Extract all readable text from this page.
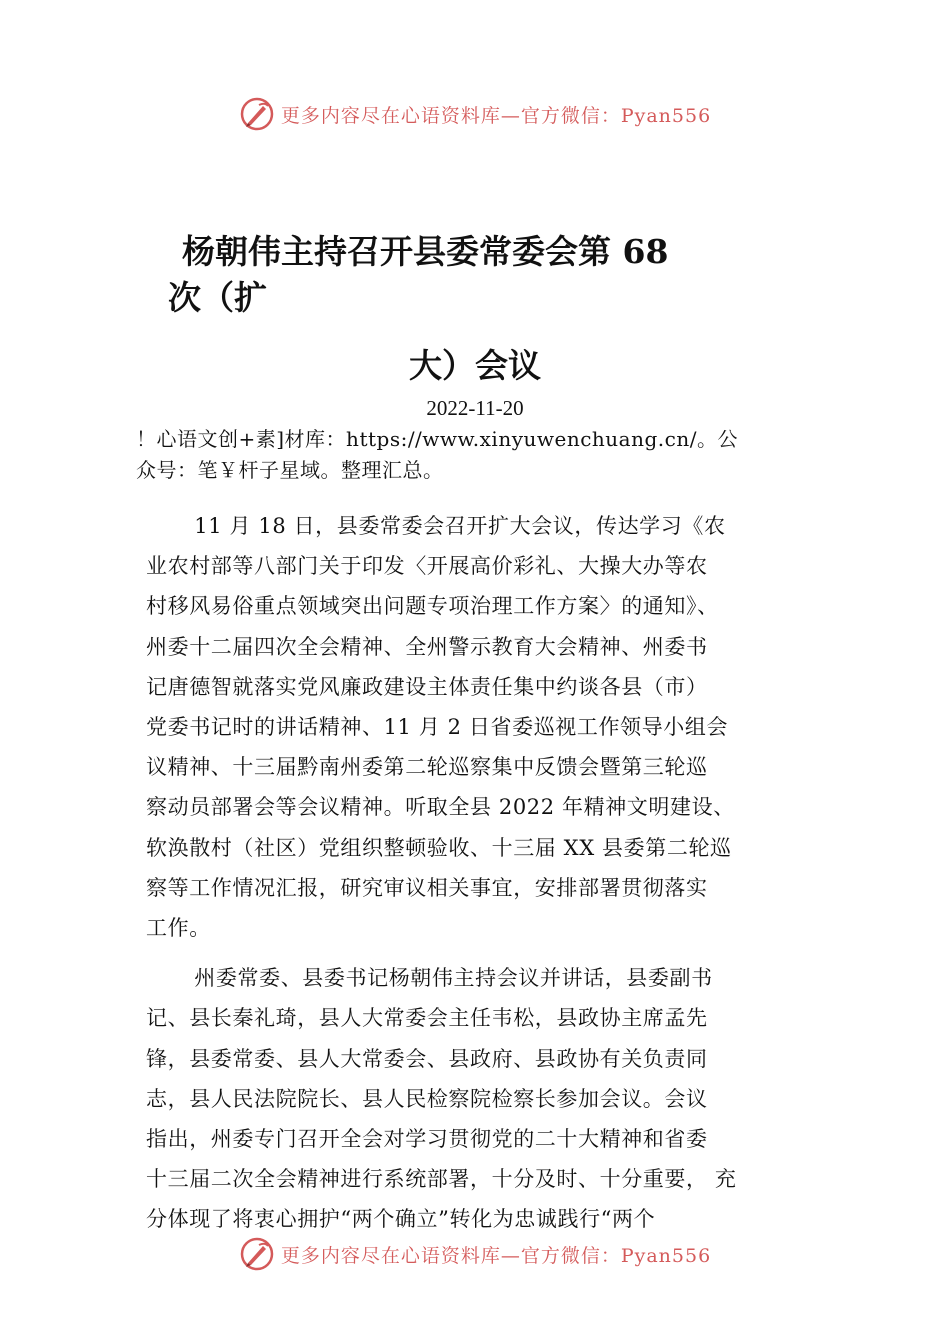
更多内容尽在心语资料库—官方微信：Pyan556
杨朝伟主持召开县委常委会第 68
次（扩
大）会议
2022-11-20
！心语文创+素]材库：https://www.xinyuwenchuang.cn/。公
众号：笔￥杆子星域。整理汇总。
11 月 18 日，县委常委会召开扩大会议，传达学习《农
业农村部等八部门关于印发〈开展高价彩礼、大操大办等农
村移风易俗重点领域突出问题专项治理工作方案〉的通知》、
州委十二届四次全会精神、全州警示教育大会精神、州委书
记唐德智就落实党风廉政建设主体责任集中约谈各县（市）
党委书记时的讲话精神、11 月 2 日省委巡视工作领导小组会
议精神、十三届黔南州委第二轮巡察集中反馈会暨第三轮巡
察动员部署会等会议精神。听取全县 2022 年精神文明建设、
软涣散村（社区）党组织整顿验收、十三届 XX 县委第二轮巡
察等工作情况汇报，研究审议相关事宜，安排部署贯彻落实
工作。
州委常委、县委书记杨朝伟主持会议并讲话，县委副书
记、县长秦礼琦，县人大常委会主任韦松，县政协主席孟先
锋，县委常委、县人大常委会、县政府、县政协有关负责同
志，县人民法院院长、县人民检察院检察长参加会议。会议
指出，州委专门召开全会对学习贯彻党的二十大精神和省委
十三届二次全会精神进行系统部署，十分及时、十分重要， 充
分体现了将衷心拥护“两个确立”转化为忠诚践行“两个
更多内容尽在心语资料库—官方微信：Pyan556
